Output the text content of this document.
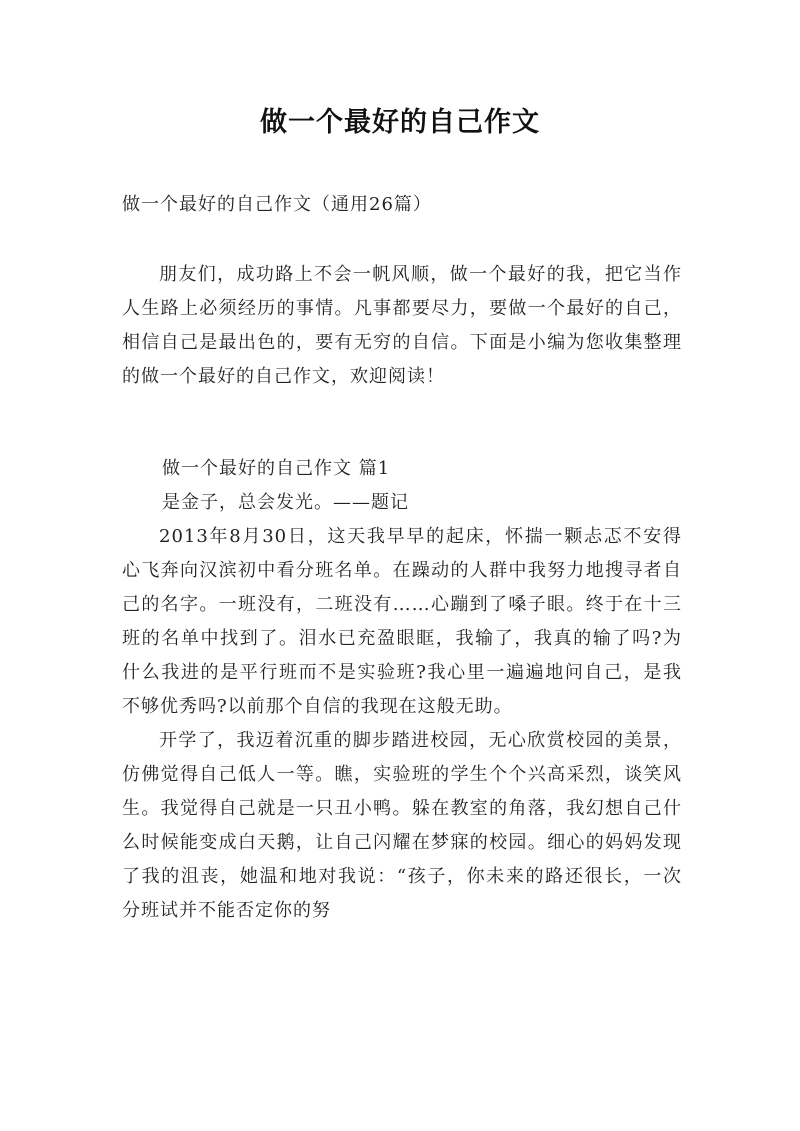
做一个最好的自己作文
做一个最好的自己作文（通用26篇）

朋友们，成功路上不会一帆风顺，做一个最好的我，把它当作人生路上必须经历的事情。凡事都要尽力，要做一个最好的自己，相信自己是最出色的，要有无穷的自信。下面是小编为您收集整理的做一个最好的自己作文，欢迎阅读！

做一个最好的自己作文 篇1

是金子，总会发光。——题记

2013年8月30日，这天我早早的起床，怀揣一颗忐忑不安得心飞奔向汉滨初中看分班名单。在躁动的人群中我努力地搜寻者自己的名字。一班没有，二班没有……心蹦到了嗓子眼。终于在十三班的名单中找到了。泪水已充盈眼眶，我输了，我真的输了吗?为什么我进的是平行班而不是实验班?我心里一遍遍地问自己，是我不够优秀吗?以前那个自信的我现在这般无助。

开学了，我迈着沉重的脚步踏进校园，无心欣赏校园的美景，仿佛觉得自己低人一等。瞧，实验班的学生个个兴高采烈，谈笑风生。我觉得自己就是一只丑小鸭。躲在教室的角落，我幻想自己什么时候能变成白天鹅，让自己闪耀在梦寐的校园。细心的妈妈发现了我的沮丧，她温和地对我说：“孩子，你未来的路还很长，一次分班试并不能否定你的努
